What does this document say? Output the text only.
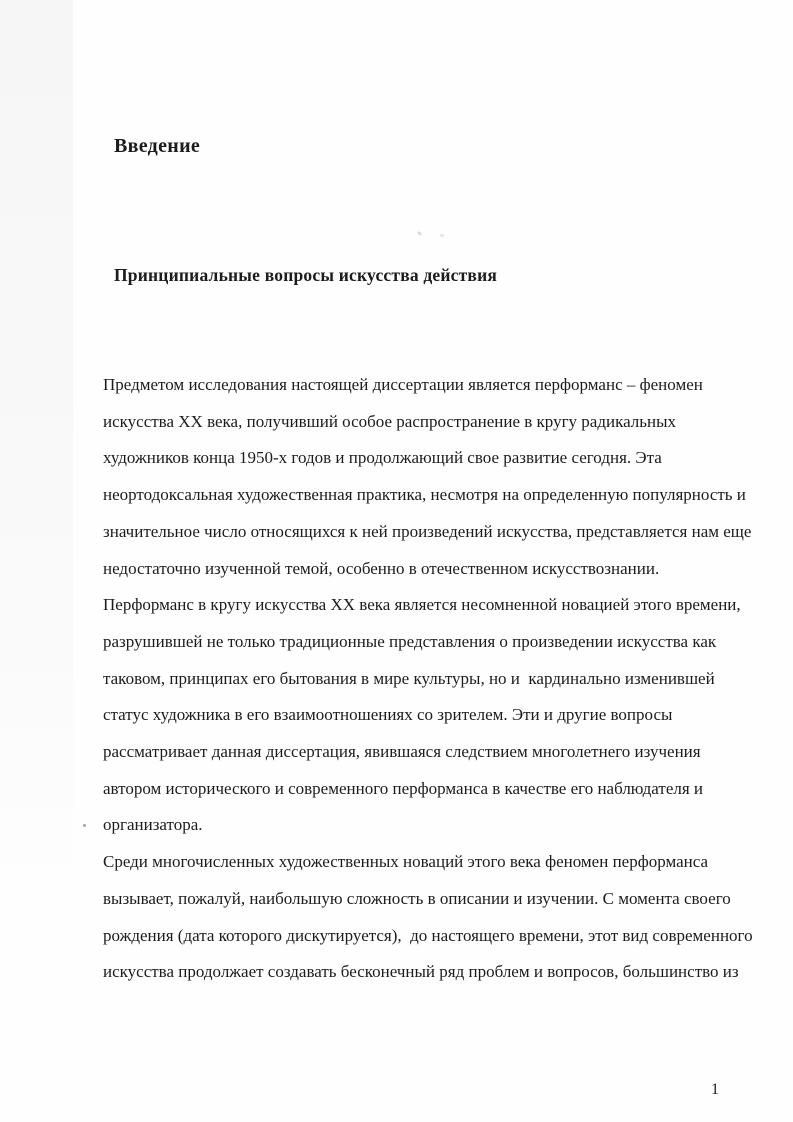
Введение
Принципиальные вопросы искусства действия
Предметом исследования настоящей диссертации является перформанс – феномен
искусства XX века, получивший особое распространение в кругу радикальных
художников конца 1950-х годов и продолжающий свое развитие сегодня. Эта
неортодоксальная художественная практика, несмотря на определенную популярность и
значительное число относящихся к ней произведений искусства, представляется нам еще
недостаточно изученной темой, особенно в отечественном искусствознании.
Перформанс в кругу искусства XX века является несомненной новацией этого времени,
разрушившей не только традиционные представления о произведении искусства как
таковом, принципах его бытования в мире культуры, но и  кардинально изменившей
статус художника в его взаимоотношениях со зрителем. Эти и другие вопросы
рассматривает данная диссертация, явившаяся следствием многолетнего изучения
автором исторического и современного перформанса в качестве его наблюдателя и
организатора.
Среди многочисленных художественных новаций этого века феномен перформанса
вызывает, пожалуй, наибольшую сложность в описании и изучении. С момента своего
рождения (дата которого дискутируется),  до настоящего времени, этот вид современного
искусства продолжает создавать бесконечный ряд проблем и вопросов, большинство из
1
